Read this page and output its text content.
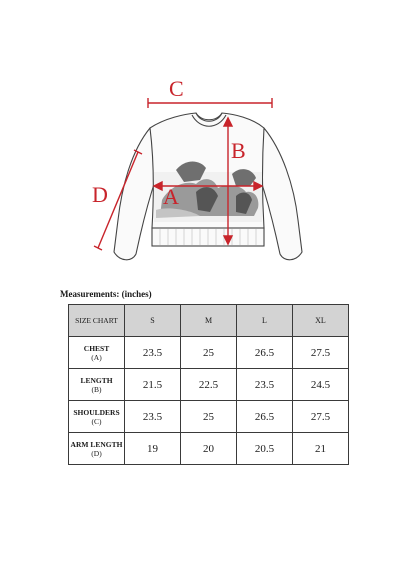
C
B
A
D
Measurements: (inches)
SIZE CHART	S	M	L	XL

CHEST
(A)	23.5	25	26.5	27.5

LENGTH
(B)	21.5	22.5	23.5	24.5

SHOULDERS
(C)	23.5	25	26.5	27.5

ARM LENGTH
(D)	19	20	20.5	21
